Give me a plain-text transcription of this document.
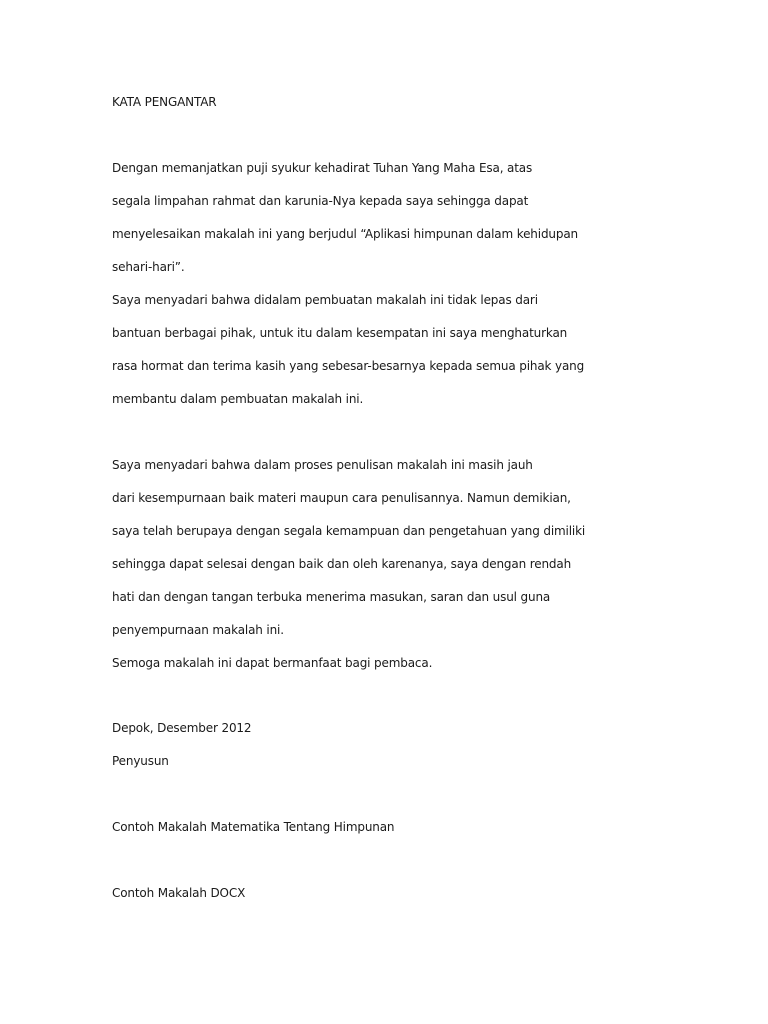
KATA PENGANTAR
Dengan memanjatkan puji syukur kehadirat Tuhan Yang Maha Esa, atas
segala limpahan rahmat dan karunia-Nya kepada saya sehingga dapat
menyelesaikan makalah ini yang berjudul “Aplikasi himpunan dalam kehidupan
sehari-hari”.
Saya menyadari bahwa didalam pembuatan makalah ini tidak lepas dari
bantuan berbagai pihak, untuk itu dalam kesempatan ini saya menghaturkan
rasa hormat dan terima kasih yang sebesar-besarnya kepada semua pihak yang
membantu dalam pembuatan makalah ini.
Saya menyadari bahwa dalam proses penulisan makalah ini masih jauh
dari kesempurnaan baik materi maupun cara penulisannya. Namun demikian,
saya telah berupaya dengan segala kemampuan dan pengetahuan yang dimiliki
sehingga dapat selesai dengan baik dan oleh karenanya, saya dengan rendah
hati dan dengan tangan terbuka menerima masukan, saran dan usul guna
penyempurnaan makalah ini.
Semoga makalah ini dapat bermanfaat bagi pembaca.
Depok, Desember 2012
Penyusun
Contoh Makalah Matematika Tentang Himpunan
Contoh Makalah DOCX
